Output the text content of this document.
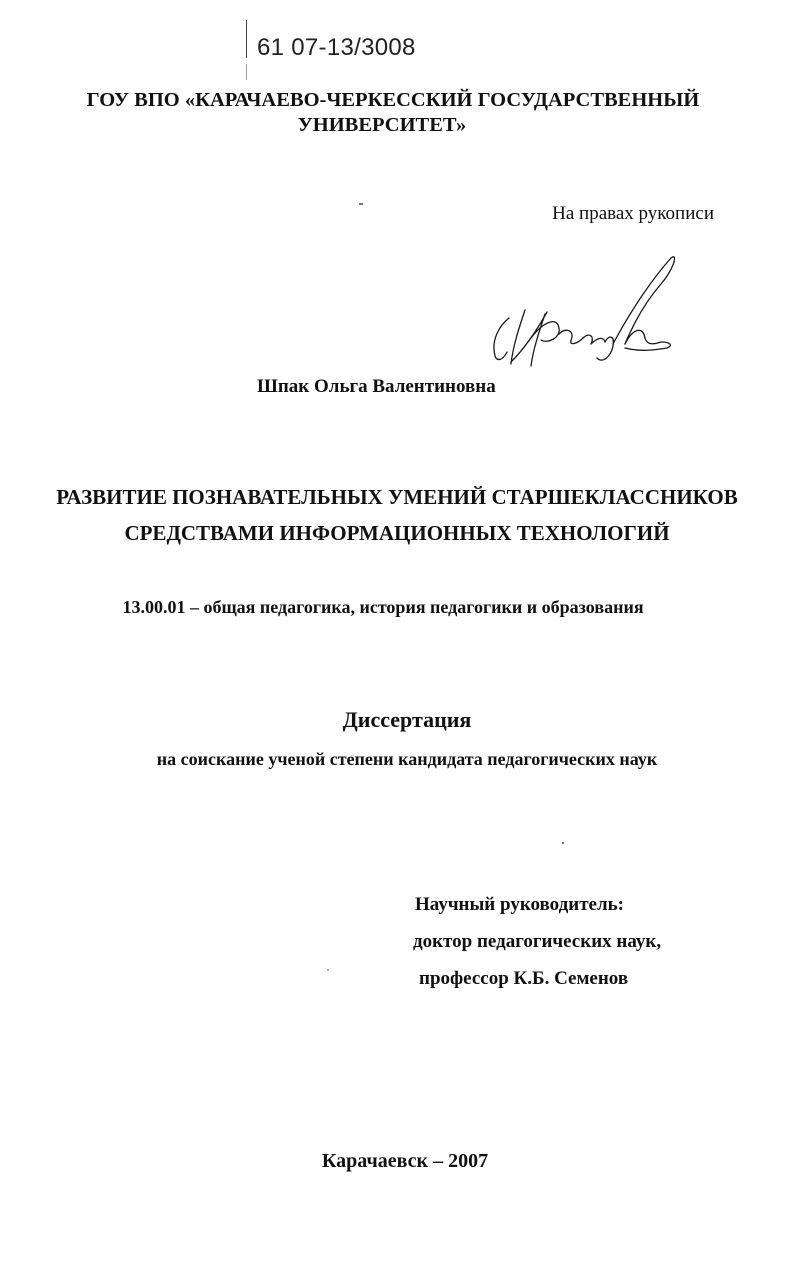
61 07-13/3008
ГОУ ВПО «КАРАЧАЕВО-ЧЕРКЕССКИЙ ГОСУДАРСТВЕННЫЙ
УНИВЕРСИТЕТ»
На правах рукописи
Шпак Ольга Валентиновна
РАЗВИТИЕ ПОЗНАВАТЕЛЬНЫХ УМЕНИЙ СТАРШЕКЛАССНИКОВ
СРЕДСТВАМИ ИНФОРМАЦИОННЫХ ТЕХНОЛОГИЙ
13.00.01 – общая педагогика, история педагогики и образования
Диссертация
на соискание ученой степени кандидата педагогических наук
Научный руководитель:
доктор педагогических наук,
профессор К.Б. Семенов
Карачаевск – 2007
